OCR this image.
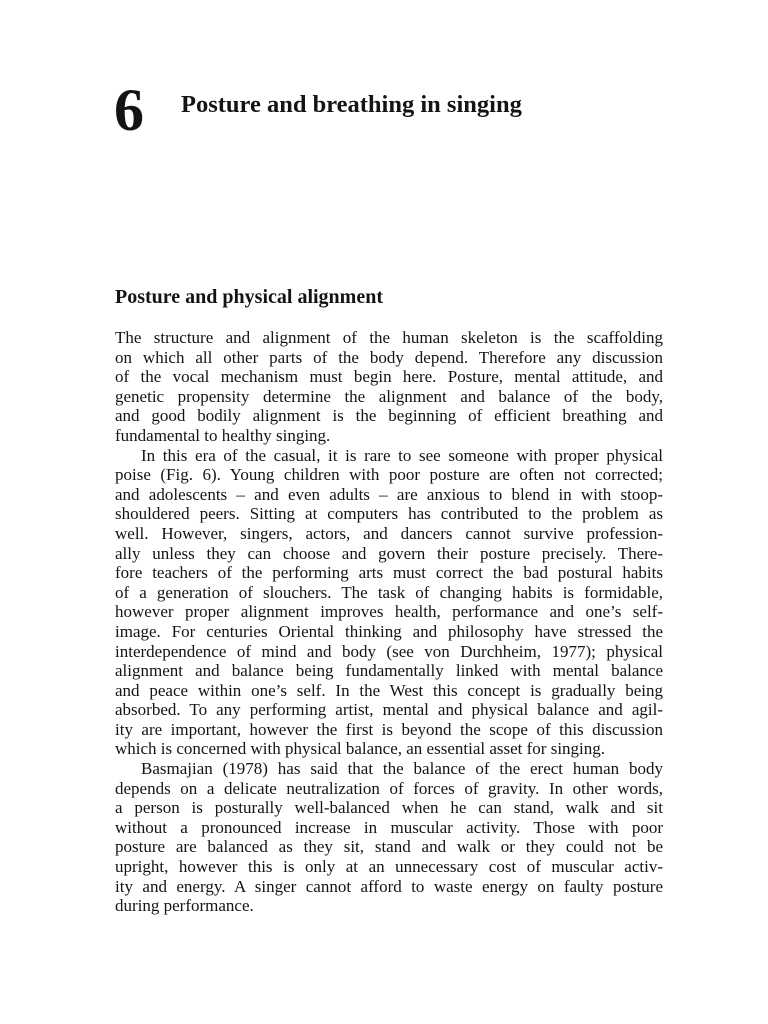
6 Posture and breathing in singing
Posture and physical alignment
The structure and alignment of the human skeleton is the scaffolding
on which all other parts of the body depend. Therefore any discussion
of the vocal mechanism must begin here. Posture, mental attitude, and
genetic propensity determine the alignment and balance of the body,
and good bodily alignment is the beginning of efficient breathing and
fundamental to healthy singing.
In this era of the casual, it is rare to see someone with proper physical
poise (Fig. 6). Young children with poor posture are often not corrected;
and adolescents – and even adults – are anxious to blend in with stoop-
shouldered peers. Sitting at computers has contributed to the problem as
well. However, singers, actors, and dancers cannot survive profession-
ally unless they can choose and govern their posture precisely. There-
fore teachers of the performing arts must correct the bad postural habits
of a generation of slouchers. The task of changing habits is formidable,
however proper alignment improves health, performance and one’s self-
image. For centuries Oriental thinking and philosophy have stressed the
interdependence of mind and body (see von Durchheim, 1977); physical
alignment and balance being fundamentally linked with mental balance
and peace within one’s self. In the West this concept is gradually being
absorbed. To any performing artist, mental and physical balance and agil-
ity are important, however the first is beyond the scope of this discussion
which is concerned with physical balance, an essential asset for singing.
Basmajian (1978) has said that the balance of the erect human body
depends on a delicate neutralization of forces of gravity. In other words,
a person is posturally well-balanced when he can stand, walk and sit
without a pronounced increase in muscular activity. Those with poor
posture are balanced as they sit, stand and walk or they could not be
upright, however this is only at an unnecessary cost of muscular activ-
ity and energy. A singer cannot afford to waste energy on faulty posture
during performance.
